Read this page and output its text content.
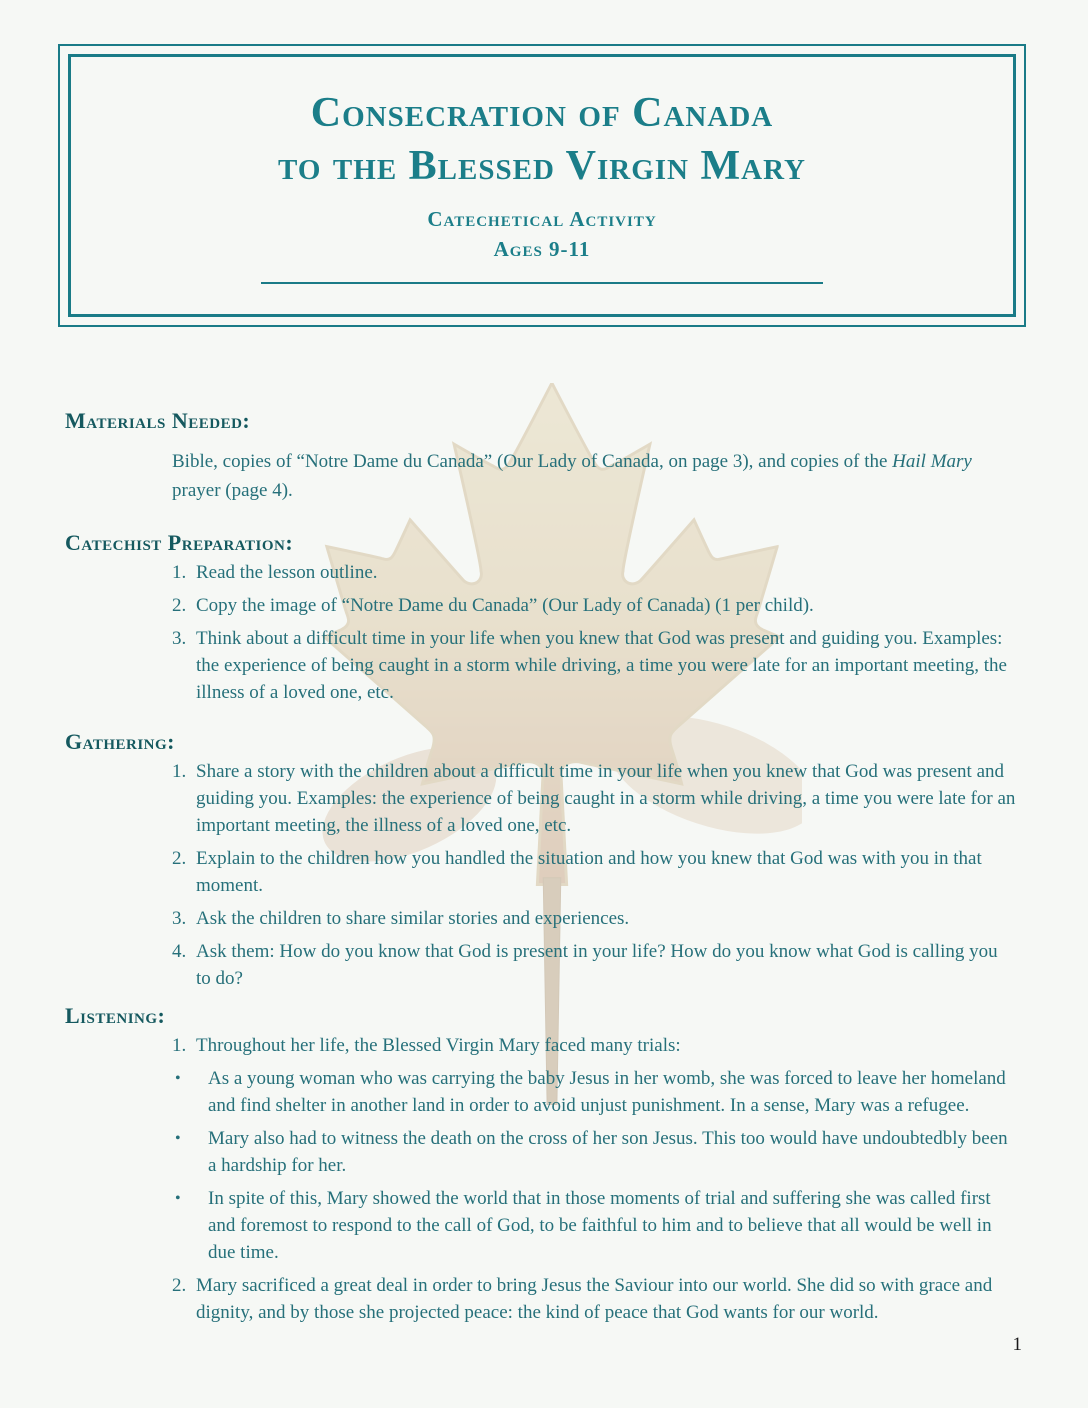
Consecration of Canada
to the Blessed Virgin Mary
Catechetical Activity
Ages 9-11
Materials Needed:

Bible, copies of “Notre Dame du Canada” (Our Lady of Canada, on page 3), and copies of the Hail Mary prayer (page 4).

Catechist Preparation:
1. Read the lesson outline.
2. Copy the image of “Notre Dame du Canada” (Our Lady of Canada) (1 per child).
3. Think about a difficult time in your life when you knew that God was present and guiding you. Examples: the experience of being caught in a storm while driving, a time you were late for an important meeting, the illness of a loved one, etc.
Gathering:
1. Share a story with the children about a difficult time in your life when you knew that God was present and guiding you. Examples: the experience of being caught in a storm while driving, a time you were late for an important meeting, the illness of a loved one, etc.
2. Explain to the children how you handled the situation and how you knew that God was with you in that moment.
3. Ask the children to share similar stories and experiences.
4. Ask them: How do you know that God is present in your life? How do you know what God is calling you to do?
Listening:
1. Throughout her life, the Blessed Virgin Mary faced many trials:
•	As a young woman who was carrying the baby Jesus in her womb, she was forced to leave her homeland and find shelter in another land in order to avoid unjust punishment. In a sense, Mary was a refugee.
•	Mary also had to witness the death on the cross of her son Jesus. This too would have undoubtedbly been a hardship for her.
•	In spite of this, Mary showed the world that in those moments of trial and suffering she was called first and foremost to respond to the call of God, to be faithful to him and to believe that all would be well in due time.
2. Mary sacrificed a great deal in order to bring Jesus the Saviour into our world. She did so with grace and dignity, and by those she projected peace: the kind of peace that God wants for our world.
1
